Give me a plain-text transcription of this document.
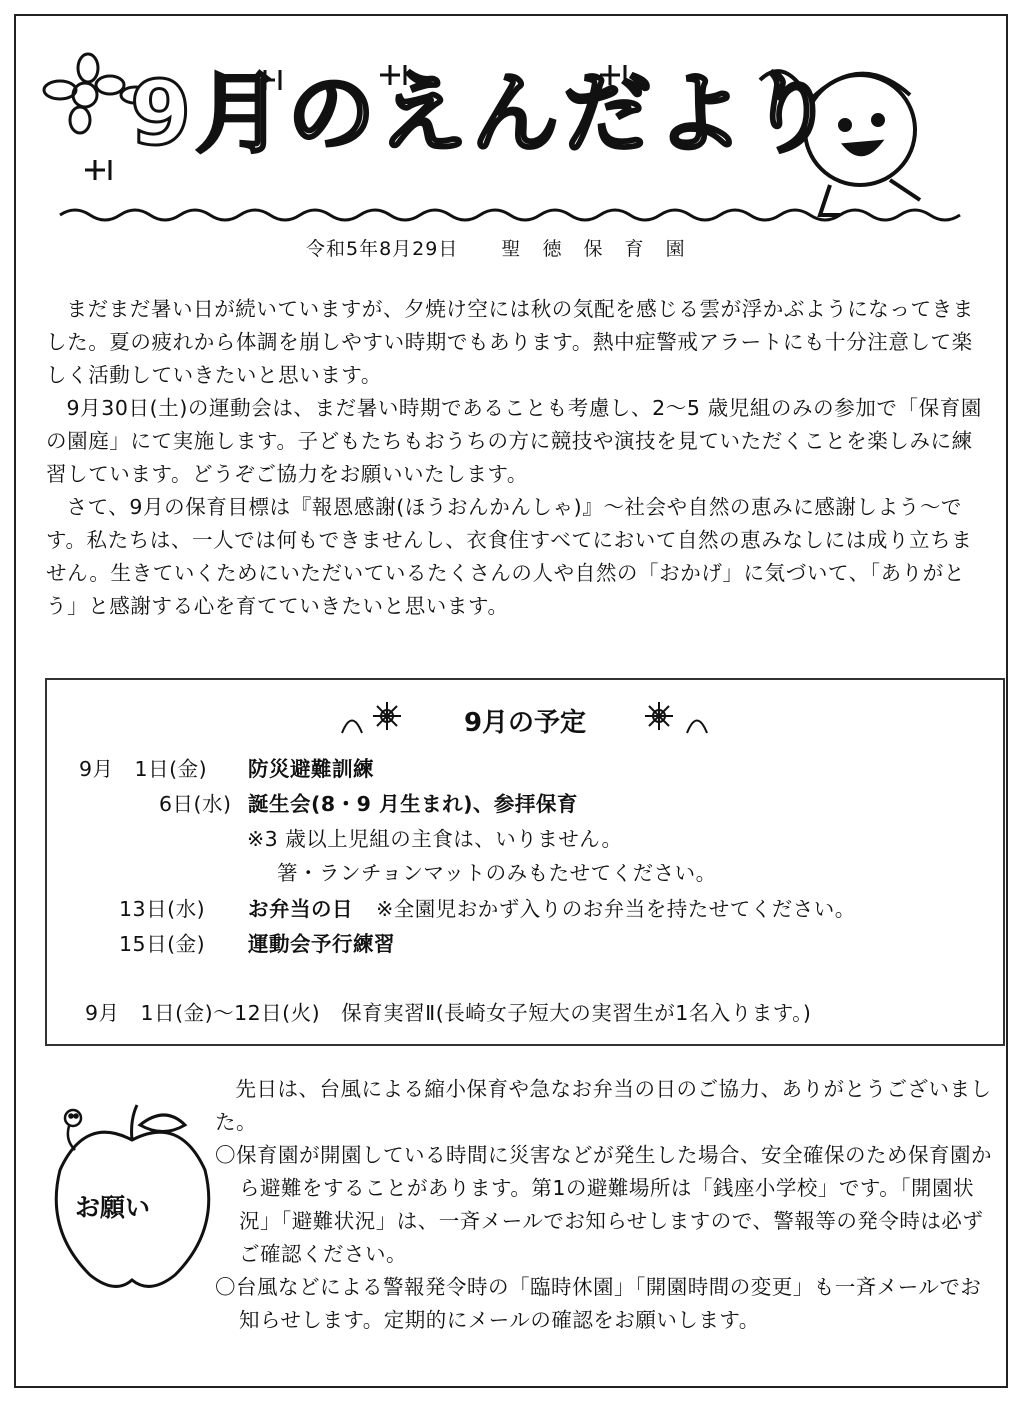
9月のえんだより
令和5年8月29日 聖 徳 保 育 園

まだまだ暑い日が続いていますが、夕焼け空には秋の気配を感じる雲が浮かぶようになってきました。夏の疲れから体調を崩しやすい時期でもあります。熱中症警戒アラートにも十分注意して楽しく活動していきたいと思います。

9月30日(土)の運動会は、まだ暑い時期であることも考慮し、2～5 歳児組のみの参加で「保育園の園庭」にて実施します。子どもたちもおうちの方に競技や演技を見ていただくことを楽しみに練習しています。どうぞご協力をお願いいたします。

さて、9月の保育目標は『報恩感謝(ほうおんかんしゃ)』～社会や自然の恵みに感謝しよう～です。私たちは、一人では何もできませんし、衣食住すべてにおいて自然の恵みなしには成り立ちません。生きていくためにいただいているたくさんの人や自然の「おかげ」に気づいて、「ありがとう」と感謝する心を育てていきたいと思います。

9月の予定
9月　1日(金) 防災避難訓練
6日(水) 誕生会(8・9 月生まれ)、参拝保育
※3 歳以上児組の主食は、いりません。
箸・ランチョンマットのみもたせてください。
13日(水) お弁当の日 ※全園児おかず入りのお弁当を持たせてください。
15日(金) 運動会予行練習
9月　1日(金)～12日(火)　保育実習Ⅱ(長崎女子短大の実習生が1名入ります。)
お願い

先日は、台風による縮小保育や急なお弁当の日のご協力、ありがとうございました。

〇保育園が開園している時間に災害などが発生した場合、安全確保のため保育園から避難をすることがあります。第1の避難場所は「銭座小学校」です。「開園状況」「避難状況」は、一斉メールでお知らせしますので、警報等の発令時は必ずご確認ください。

〇台風などによる警報発令時の「臨時休園」「開園時間の変更」も一斉メールでお知らせします。定期的にメールの確認をお願いします。
